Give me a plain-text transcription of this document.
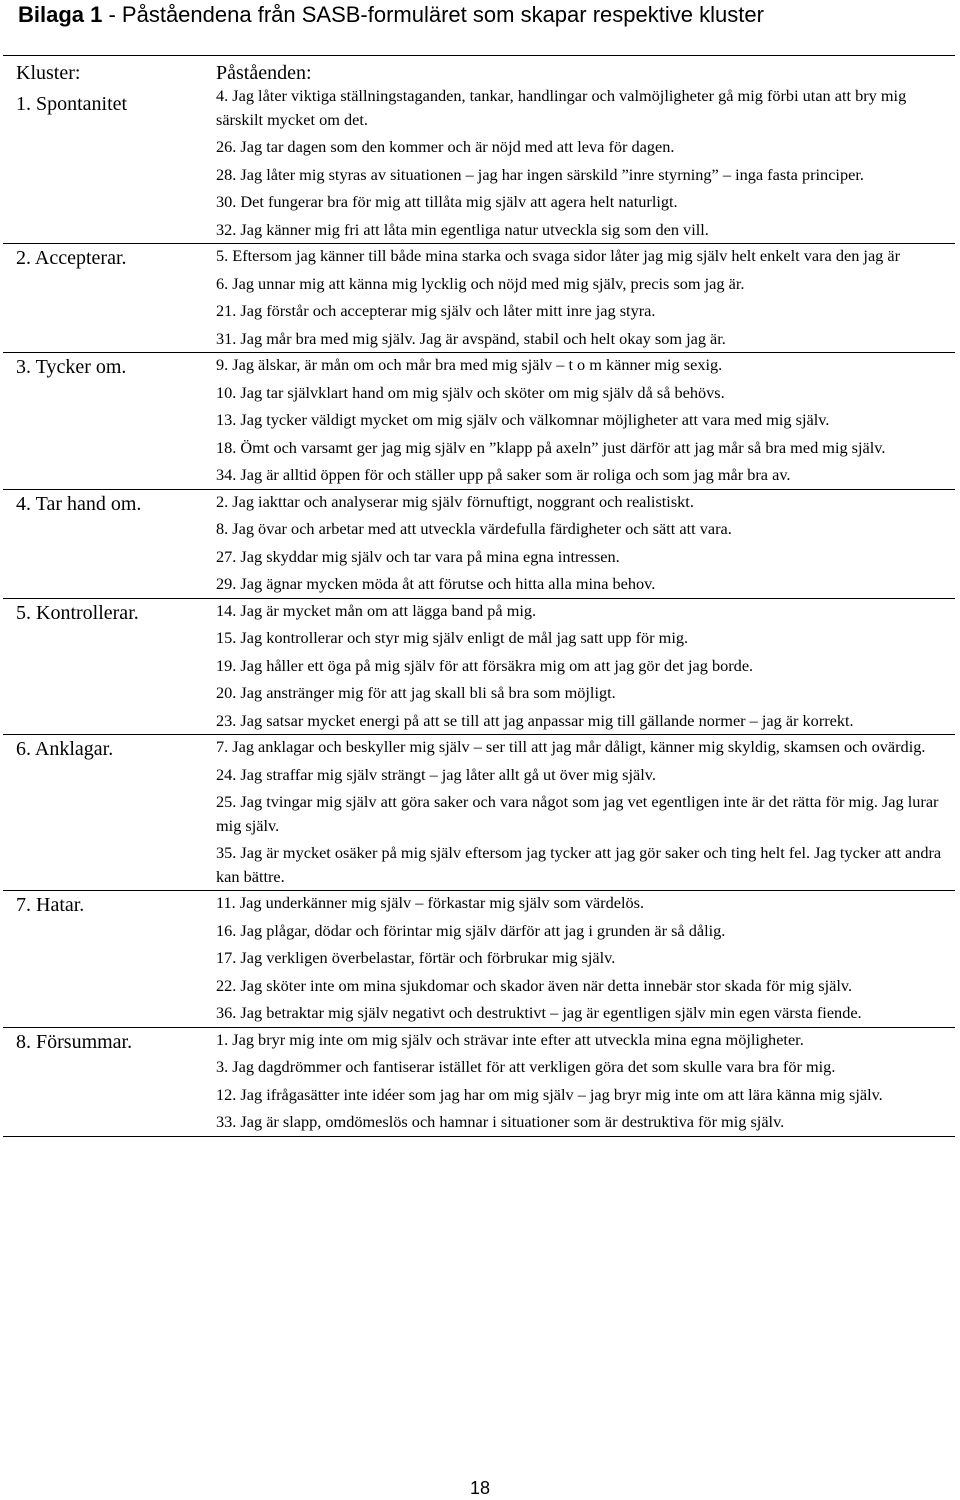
Bilaga 1 - Påståendena från SASB-formuläret som skapar respektive kluster
Kluster:	Påståenden:
1. Spontanitet	4. Jag låter viktiga ställningstaganden, tankar, handlingar och valmöjligheter gå mig förbi utan att bry mig särskilt mycket om det.
26. Jag tar dagen som den kommer och är nöjd med att leva för dagen.
28. Jag låter mig styras av situationen – jag har ingen särskild ”inre styrning” – inga fasta principer.
30. Det fungerar bra för mig att tillåta mig själv att agera helt naturligt.
32. Jag känner mig fri att låta min egentliga natur utveckla sig som den vill.
2. Accepterar.	5. Eftersom jag känner till både mina starka och svaga sidor låter jag mig själv helt enkelt vara den jag är
6. Jag unnar mig att känna mig lycklig och nöjd med mig själv, precis som jag är.
21. Jag förstår och accepterar mig själv och låter mitt inre jag styra.
31. Jag mår bra med mig själv. Jag är avspänd, stabil och helt okay som jag är.
3. Tycker om.	9. Jag älskar, är mån om och mår bra med mig själv – t o m känner mig sexig.
10. Jag tar självklart hand om mig själv och sköter om mig själv då så behövs.
13. Jag tycker väldigt mycket om mig själv och välkomnar möjligheter att vara med mig själv.
18. Ömt och varsamt ger jag mig själv en ”klapp på axeln” just därför att jag mår så bra med mig själv.
34. Jag är alltid öppen för och ställer upp på saker som är roliga och som jag mår bra av.
4. Tar hand om.	2. Jag iakttar och analyserar mig själv förnuftigt, noggrant och realistiskt.
8. Jag övar och arbetar med att utveckla värdefulla färdigheter och sätt att vara.
27. Jag skyddar mig själv och tar vara på mina egna intressen.
29. Jag ägnar mycken möda åt att förutse och hitta alla mina behov.
5. Kontrollerar.	14. Jag är mycket mån om att lägga band på mig.
15. Jag kontrollerar och styr mig själv enligt de mål jag satt upp för mig.
19. Jag håller ett öga på mig själv för att försäkra mig om att jag gör det jag borde.
20. Jag anstränger mig för att jag skall bli så bra som möjligt.
23. Jag satsar mycket energi på att se till att jag anpassar mig till gällande normer – jag är korrekt.
6. Anklagar.	7. Jag anklagar och beskyller mig själv – ser till att jag mår dåligt, känner mig skyldig, skamsen och ovärdig.
24. Jag straffar mig själv strängt – jag låter allt gå ut över mig själv.
25. Jag tvingar mig själv att göra saker och vara något som jag vet egentligen inte är det rätta för mig. Jag lurar mig själv.
35. Jag är mycket osäker på mig själv eftersom jag tycker att jag gör saker och ting helt fel. Jag tycker att andra kan bättre.
7. Hatar.	11. Jag underkänner mig själv – förkastar mig själv som värdelös.
16. Jag plågar, dödar och förintar mig själv därför att jag i grunden är så dålig.
17. Jag verkligen överbelastar, förtär och förbrukar mig själv.
22. Jag sköter inte om mina sjukdomar och skador även när detta innebär stor skada för mig själv.
36. Jag betraktar mig själv negativt och destruktivt – jag är egentligen själv min egen värsta fiende.
8. Försummar.	1. Jag bryr mig inte om mig själv och strävar inte efter att utveckla mina egna möjligheter.
3. Jag dagdrömmer och fantiserar istället för att verkligen göra det som skulle vara bra för mig.
12. Jag ifrågasätter inte idéer som jag har om mig själv – jag bryr mig inte om att lära känna mig själv.
33. Jag är slapp, omdömeslös och hamnar i situationer som är destruktiva för mig själv.
18
